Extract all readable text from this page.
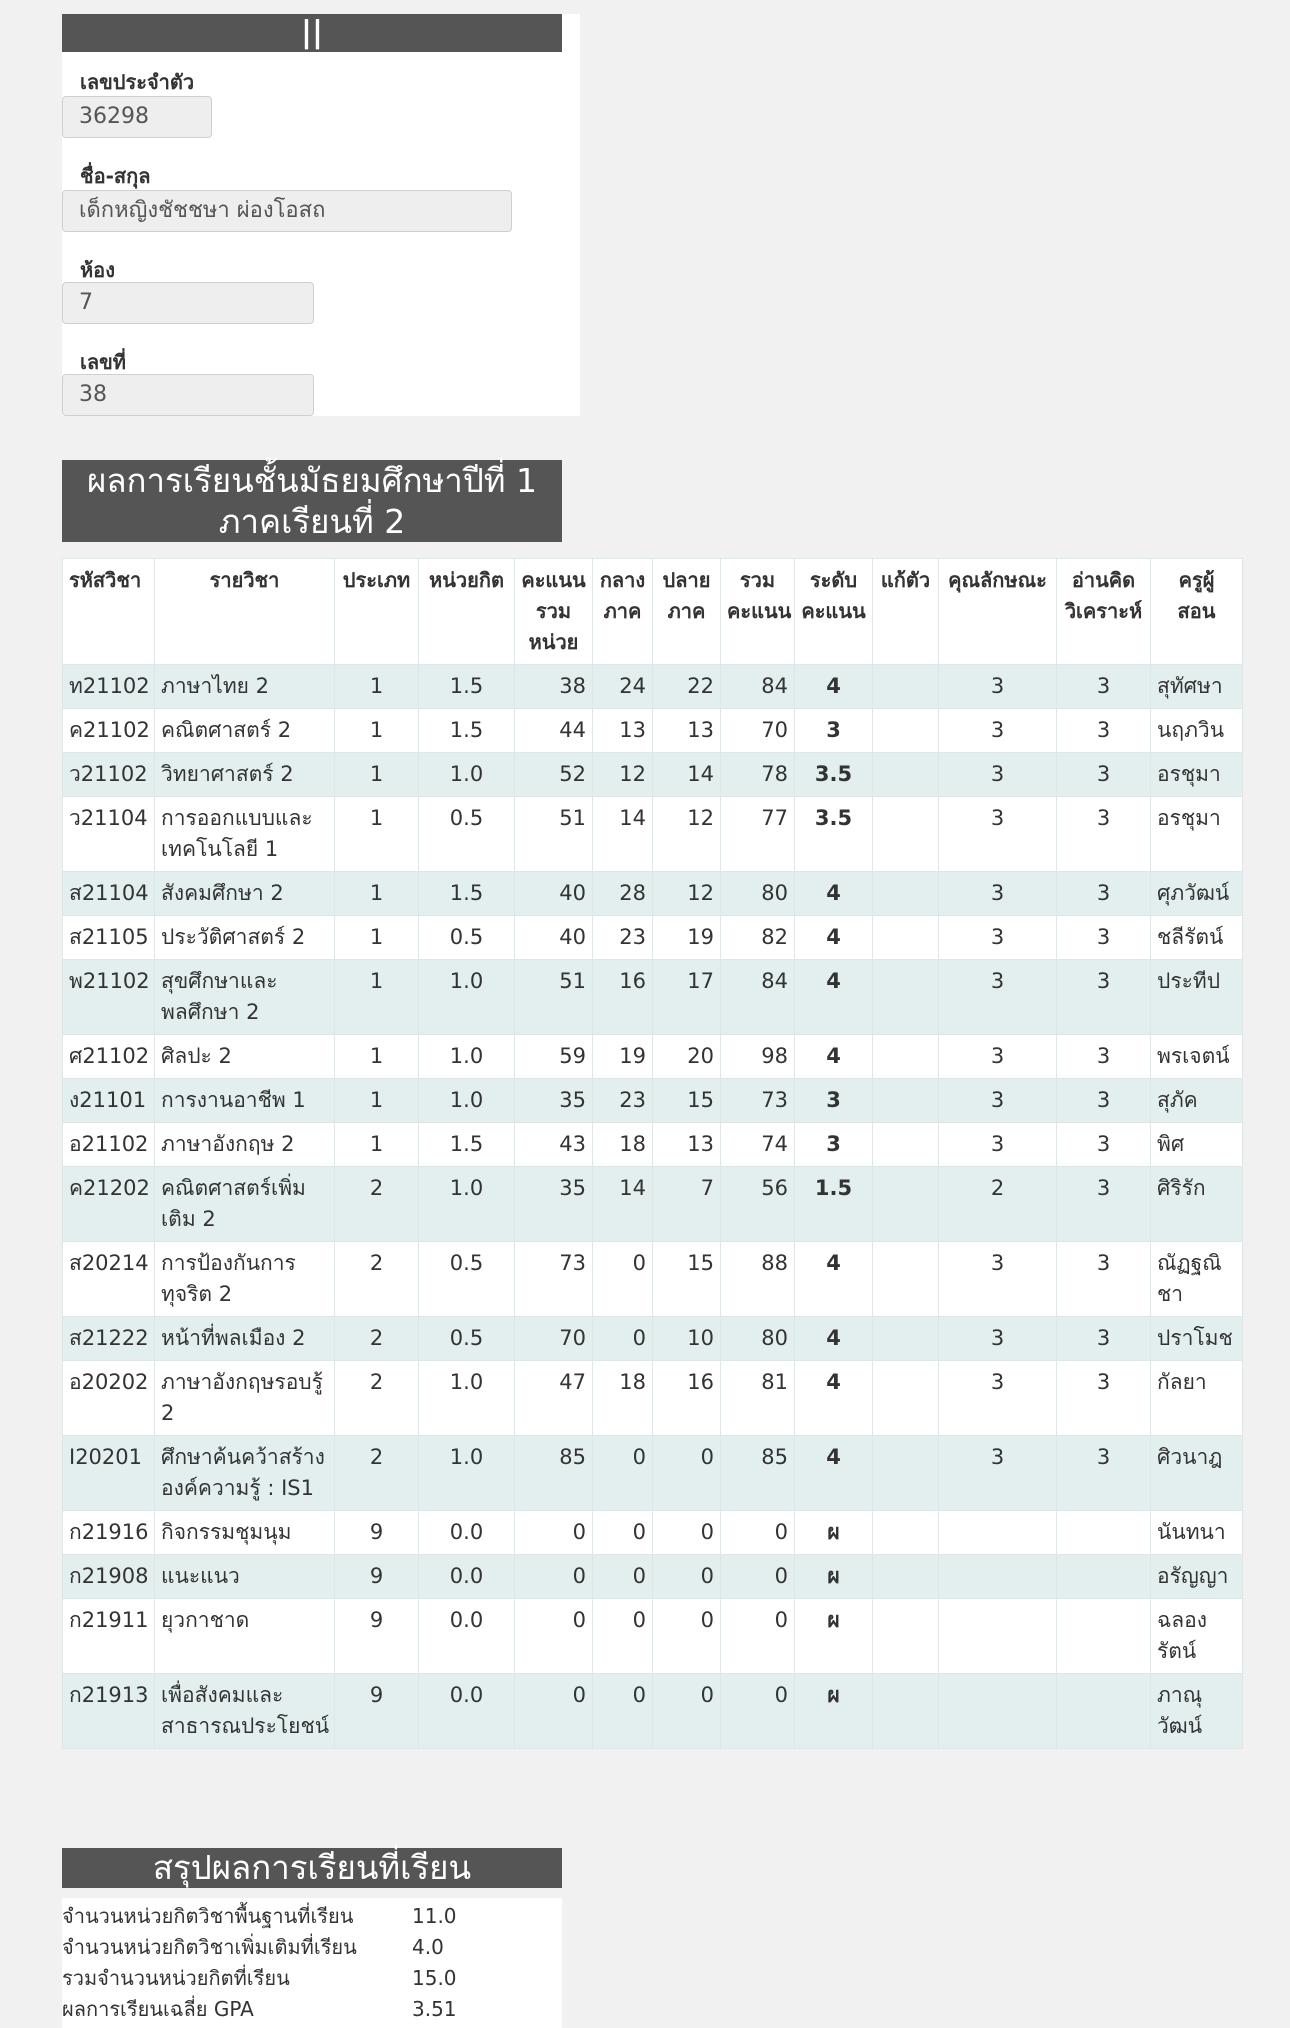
||
เลขประจำตัว
36298
ชื่อ-สกุล
เด็กหญิงชัชชษา ผ่องโอสถ
ห้อง
7
เลขที่
38
ผลการเรียนชั้นมัธยมศึกษาปีที่ 1
ภาคเรียนที่ 2
รหัสวิชา	รายวิชา	ประเภท	หน่วยกิต	คะแนน รวม หน่วย	กลาง ภาค	ปลาย ภาค	รวม คะแนน	ระดับ คะแนน	แก้ตัว	คุณลักษณะ	อ่านคิด วิเคราะห์	ครูผู้ สอน
ท21102	ภาษาไทย 2	1	1.5	38	24	22	84	4		3	3	สุทัศษา
ค21102	คณิตศาสตร์ 2	1	1.5	44	13	13	70	3		3	3	นฤภวิน
ว21102	วิทยาศาสตร์ 2	1	1.0	52	12	14	78	3.5		3	3	อรชุมา
ว21104	การออกแบบและเทคโนโลยี 1	1	0.5	51	14	12	77	3.5		3	3	อรชุมา
ส21104	สังคมศึกษา 2	1	1.5	40	28	12	80	4		3	3	ศุภวัฒน์
ส21105	ประวัติศาสตร์ 2	1	0.5	40	23	19	82	4		3	3	ชลีรัตน์
พ21102	สุขศึกษาและพลศึกษา 2	1	1.0	51	16	17	84	4		3	3	ประทีป
ศ21102	ศิลปะ 2	1	1.0	59	19	20	98	4		3	3	พรเจตน์
ง21101	การงานอาชีพ 1	1	1.0	35	23	15	73	3		3	3	สุภัค
อ21102	ภาษาอังกฤษ 2	1	1.5	43	18	13	74	3		3	3	พิศ
ค21202	คณิตศาสตร์เพิ่มเติม 2	2	1.0	35	14	7	56	1.5		2	3	ศิริรัก
ส20214	การป้องกันการทุจริต 2	2	0.5	73	0	15	88	4		3	3	ณัฏฐณิชา
ส21222	หน้าที่พลเมือง 2	2	0.5	70	0	10	80	4		3	3	ปราโมช
อ20202	ภาษาอังกฤษรอบรู้ 2	2	1.0	47	18	16	81	4		3	3	กัลยา
I20201	ศึกษาค้นคว้าสร้างองค์ความรู้ : IS1	2	1.0	85	0	0	85	4		3	3	ศิวนาฎ
ก21916	กิจกรรมชุมนุม	9	0.0	0	0	0	0	ผ				นันทนา
ก21908	แนะแนว	9	0.0	0	0	0	0	ผ				อรัญญา
ก21911	ยุวกาชาด	9	0.0	0	0	0	0	ผ				ฉลองรัตน์
ก21913	เพื่อสังคมและสาธารณประโยชน์	9	0.0	0	0	0	0	ผ				ภาณุวัฒน์
สรุปผลการเรียนที่เรียน
จำนวนหน่วยกิตวิชาพื้นฐานที่เรียน	11.0
จำนวนหน่วยกิตวิชาเพิ่มเติมที่เรียน	4.0
รวมจำนวนหน่วยกิตที่เรียน	15.0
ผลการเรียนเฉลี่ย GPA	3.51
